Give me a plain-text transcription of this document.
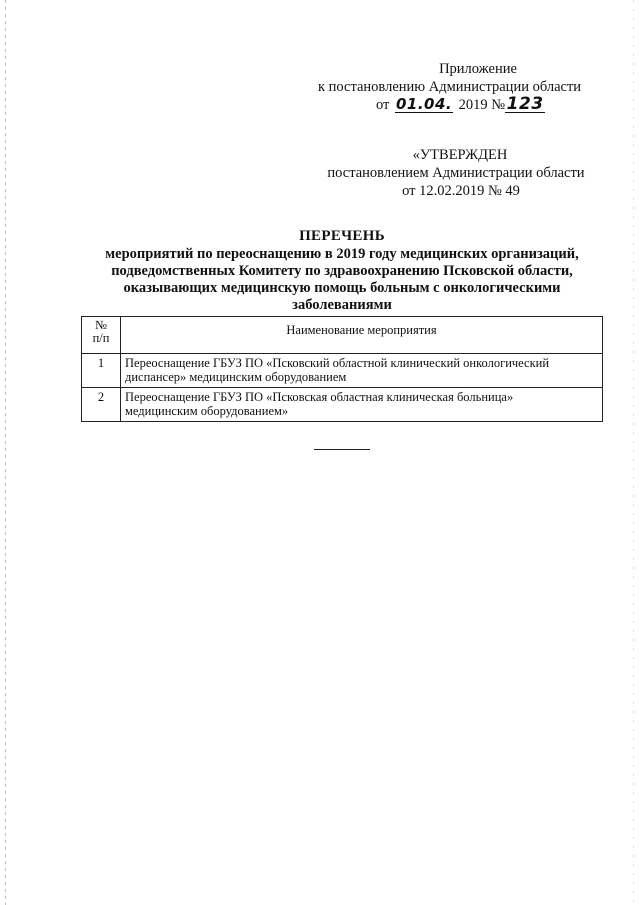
Приложение
к постановлению Администрации области
от 01.04. 2019 №123
«УТВЕРЖДЕН
постановлением Администрации области
от 12.02.2019 № 49
ПЕРЕЧЕНЬ
мероприятий по переоснащению в 2019 году медицинских организаций,
подведомственных Комитету по здравоохранению Псковской области,
оказывающих медицинскую помощь больным с онкологическими
заболеваниями
№
п/п	Наименование мероприятия
1	Переоснащение ГБУЗ ПО «Псковский областной клинический онкологический
диспансер» медицинским оборудованием

2	Переоснащение ГБУЗ ПО «Псковская областная клиническая больница»
медицинским оборудованием»
